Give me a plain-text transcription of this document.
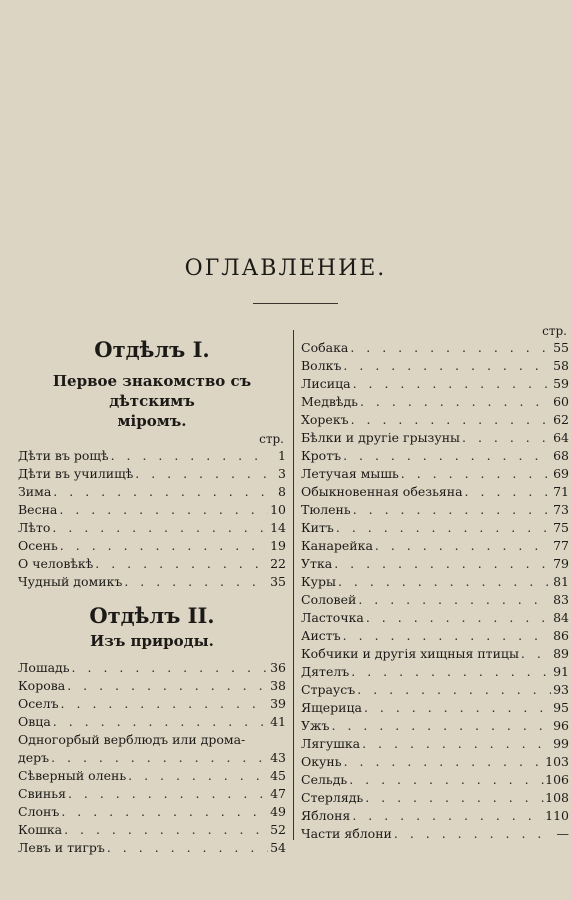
ОГЛАВЛЕНИЕ.
Отдѣлъ I.
Первое знакомство съ дѣтскимъ
міромъ.
стр.
Дѣти въ рощѣ . . .	1
Дѣти въ училищѣ . . .	3
Зима . . .	8
Весна . . .	10
Лѣто . . .	14
Осень . . .	19
О человѣкѣ . . .	22
Чудный домикъ . . .	35
Отдѣлъ II.
Изъ природы.
Лошадь . . .	36
Корова . . .	38
Оселъ . . .	39
Овца . . .	41
Одногорбый верблюдъ или дрома-
деръ . . .	43
Сѣверный олень . . .	45
Свинья . . .	47
Слонъ . . .	49
Кошка . . .	52
Левъ и тигръ . . .	54
стр.
Собака . . .	55
Волкъ . . .	58
Лисица . . .	59
Медвѣдь . . .	60
Хорекъ . . .	62
Бѣлки и другіе грызуны . . .	64
Кротъ . . .	68
Летучая мышь . . .	69
Обыкновенная обезьяна . . .	71
Тюлень . . .	73
Китъ . . .	75
Канарейка . . .	77
Утка . . .	79
Куры . . .	81
Соловей . . .	83
Ласточка . . .	84
Аистъ . . .	86
Кобчики и другія хищныя птицы . . .	89
Дятелъ . . .	91
Страусъ . . .	93
Ящерица . . .	95
Ужъ . . .	96
Лягушка . . .	99
Окунь . . .	103
Сельдь . . .	106
Стерлядь . . .	108
Яблоня . . .	110
Части яблони . . .	—
